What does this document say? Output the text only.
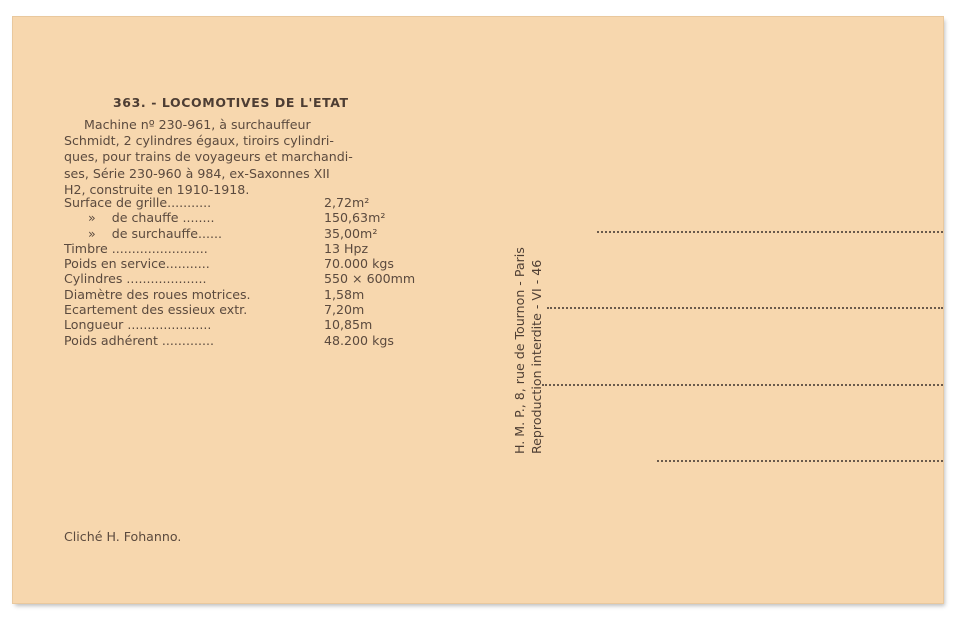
363. - LOCOMOTIVES DE L'ETAT
Machine nº 230-961, à surchauffeur
Schmidt, 2 cylindres égaux, tiroirs cylindri-
ques, pour trains de voyageurs et marchandi-
ses, Série 230-960 à 984, ex-Saxonnes XII
H2, construite en 1910-1918.
Surface de grille...........	2,72m²
»    de chauffe ........	150,63m²
»    de surchauffe......	35,00m²
Timbre ........................	13 Hpz
Poids en service...........	70.000 kgs
Cylindres ....................	550 × 600mm
Diamètre des roues motrices.	1,58m
Ecartement des essieux extr.	7,20m
Longueur .....................	10,85m
Poids adhérent .............	48.200 kgs
Cliché H. Fohanno.
H. M. P., 8, rue de Tournon - Paris Reproduction interdite - VI - 46
